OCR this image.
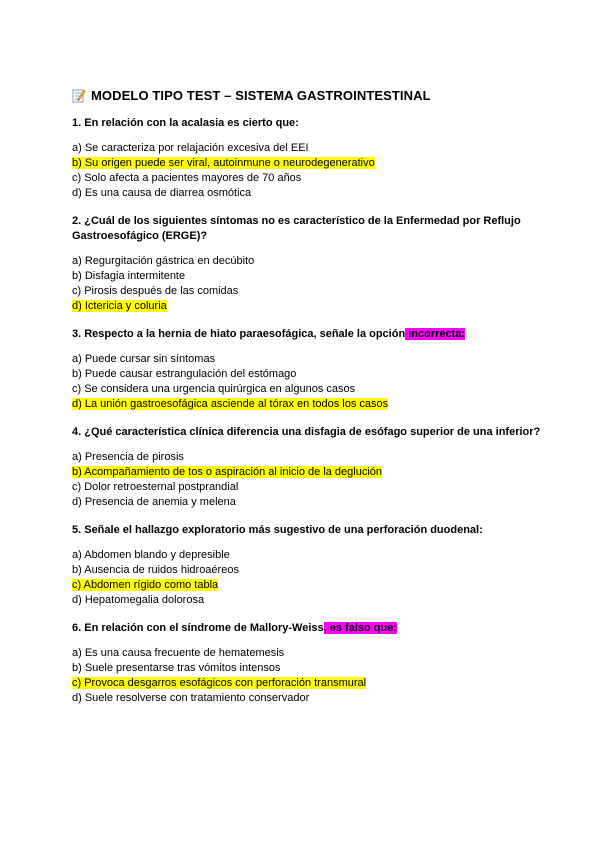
MODELO TIPO TEST – SISTEMA GASTROINTESTINAL
1. En relación con la acalasia es cierto que:
a) Se caracteriza por relajación excesiva del EEI
b) Su origen puede ser viral, autoinmune o neurodegenerativo
c) Solo afecta a pacientes mayores de 70 años
d) Es una causa de diarrea osmótica
2. ¿Cuál de los siguientes síntomas no es característico de la Enfermedad por Reflujo Gastroesofágico (ERGE)?
a) Regurgitación gástrica en decúbito
b) Disfagia intermitente
c) Pirosis después de las comidas
d) Ictericia y coluria
3. Respecto a la hernia de hiato paraesofágica, señale la opción incorrecta:
a) Puede cursar sin síntomas
b) Puede causar estrangulación del estómago
c) Se considera una urgencia quirúrgica en algunos casos
d) La unión gastroesofágica asciende al tórax en todos los casos
4. ¿Qué característica clínica diferencia una disfagia de esófago superior de una inferior?
a) Presencia de pirosis
b) Acompañamiento de tos o aspiración al inicio de la deglución
c) Dolor retroesternal postprandial
d) Presencia de anemia y melena
5. Señale el hallazgo exploratorio más sugestivo de una perforación duodenal:
a) Abdomen blando y depresible
b) Ausencia de ruidos hidroaéreos
c) Abdomen rígido como tabla
d) Hepatomegalia dolorosa
6. En relación con el síndrome de Mallory-Weiss, es falso que:
a) Es una causa frecuente de hematemesis
b) Suele presentarse tras vómitos intensos
c) Provoca desgarros esofágicos con perforación transmural
d) Suele resolverse con tratamiento conservador
